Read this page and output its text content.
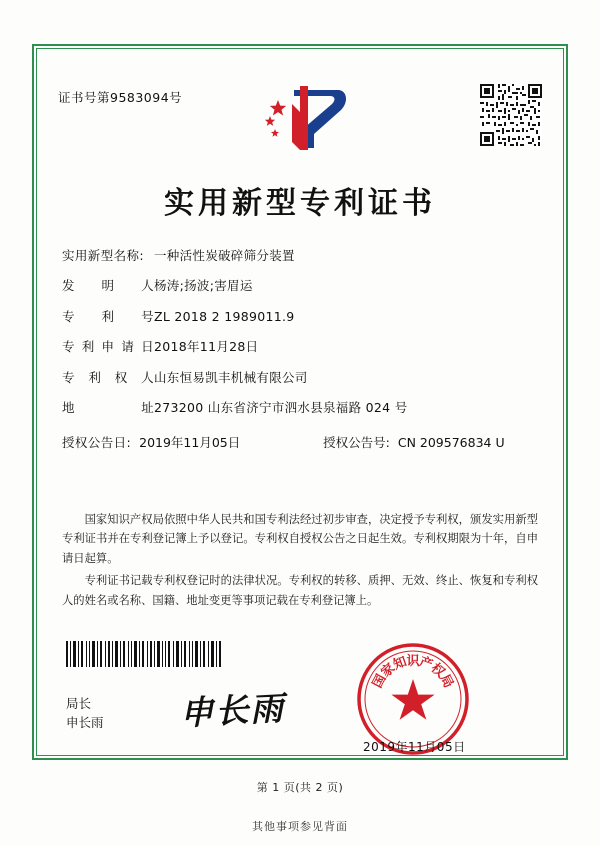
证书号第9583094号
实用新型专利证书
实用新型名称: 一种活性炭破碎筛分装置
发明人 杨涛;扬波;害眉运
专利号 ZL 2018 2 1989011.9
专利申请日 2018年11月28日
专利权人 山东恒易凯丰机械有限公司
地址 273200 山东省济宁市泗水县泉福路 024 号
授权公告日: 2019年11月05日	授权公告号: CN 209576834 U

国家知识产权局依照中华人民共和国专利法经过初步审查，决定授予专利权，颁发实用新型专利证书并在专利登记簿上予以登记。专利权自授权公告之日起生效。专利权期限为十年，自申请日起算。

专利证书记载专利权登记时的法律状况。专利权的转移、质押、无效、终止、恢复和专利权人的姓名或名称、国籍、地址变更等事项记载在专利登记簿上。

局长
申长雨 申长雨
国
家
知
识
产
权
局
2019年11月05日
第 1 页(共 2 页)
其他事项参见背面
